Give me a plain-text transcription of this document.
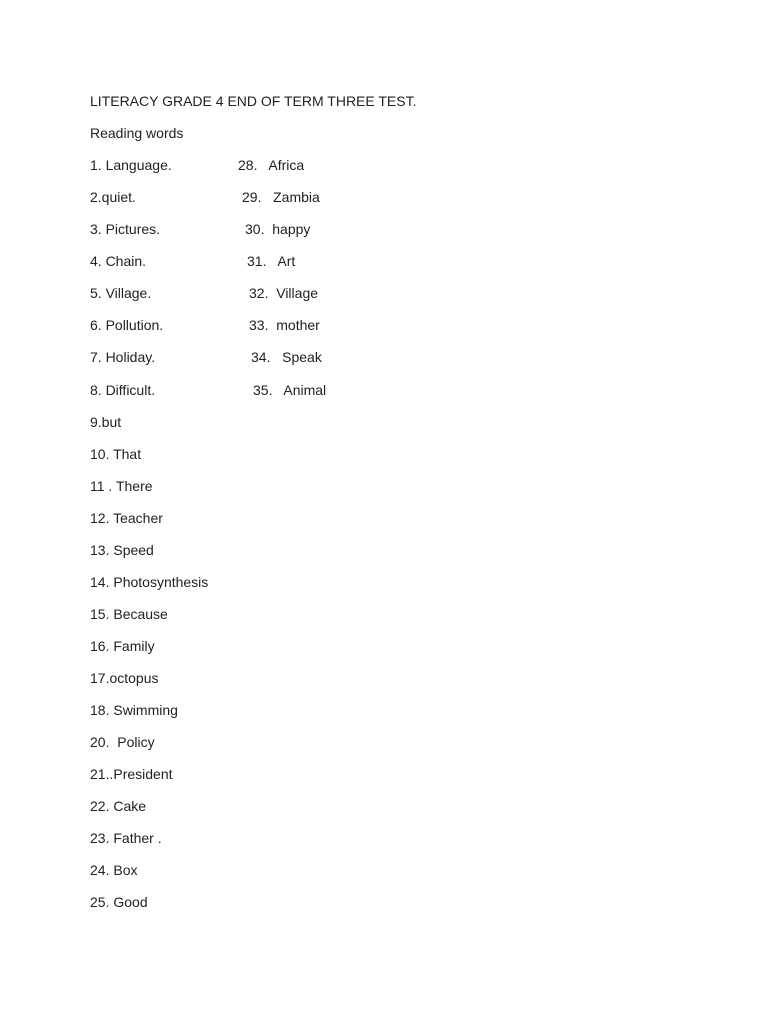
LITERACY GRADE 4 END OF TERM THREE TEST.
Reading words
1. Language.
2.quiet.
3. Pictures.
4. Chain.
5. Village.
6. Pollution.
7. Holiday.
8. Difficult.
9.but
10. That
11 . There
12. Teacher
13. Speed
14. Photosynthesis
15. Because
16. Family
17.octopus
18. Swimming
20.  Policy
21..President
22. Cake
23. Father .
24. Box
25. Good
28.   Africa
29.   Zambia
30.  happy
31.   Art
32.  Village
33.  mother
34.   Speak
35.   Animal
